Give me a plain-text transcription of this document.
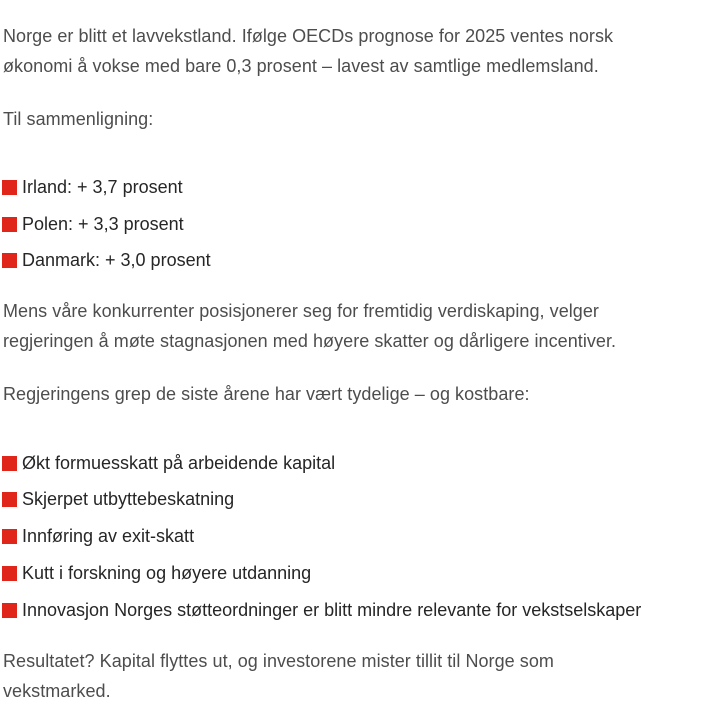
Norge er blitt et lavvekstland. Ifølge OECDs prognose for 2025 ventes norsk økonomi å vokse med bare 0,3 prosent – lavest av samtlige medlemsland.

Til sammenligning:

Irland: + 3,7 prosent
Polen: + 3,3 prosent
Danmark: + 3,0 prosent

Mens våre konkurrenter posisjonerer seg for fremtidig verdiskaping, velger regjeringen å møte stagnasjonen med høyere skatter og dårligere incentiver.

Regjeringens grep de siste årene har vært tydelige – og kostbare:

Økt formuesskatt på arbeidende kapital
Skjerpet utbyttebeskatning
Innføring av exit-skatt
Kutt i forskning og høyere utdanning
Innovasjon Norges støtteordninger er blitt mindre relevante for vekstselskaper

Resultatet? Kapital flyttes ut, og investorene mister tillit til Norge som vekstmarked.
